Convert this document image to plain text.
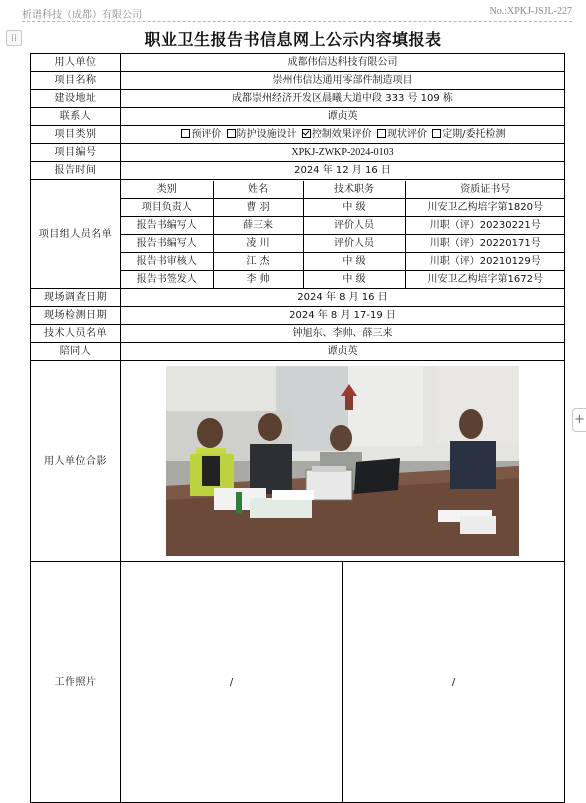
析谱科技（成都）有限公司	No.:XPKJ-JSJL-227
⁞⁞
+
职业卫生报告书信息网上公示内容填报表
用人单位	成都伟信达科技有限公司
项目名称	崇州伟信达通用零部件制造项目
建设地址	成都崇州经济开发区晨曦大道中段 333 号 109 栋
联系人	谭贞英
项目类别	预评价 防护设施设计 控制效果评价 现状评价 定期/委托检测
项目编号	XPKJ-ZWKP-2024-0103
报告时间	2024 年 12 月 16 日
项目组人员名单	
类别	姓名	技术职务	资质证书号
项目负责人	曹 羽	中 级	川安卫乙构培字第1820号
报告书编写人	薛三来	评价人员	川职（评）20230221号
报告书编写人	凌 川	评价人员	川职（评）20220171号
报告书审核人	江 杰	中 级	川职（评）20210129号
报告书签发人	李 帅	中 级	川安卫乙构培字第1672号

现场调查日期	2024 年 8 月 16 日
现场检测日期	2024 年 8 月 17-19 日
技术人员名单	钟旭东、李帅、薛三来
陪同人	谭贞英
用人单位合影	

工作照片	/	/
